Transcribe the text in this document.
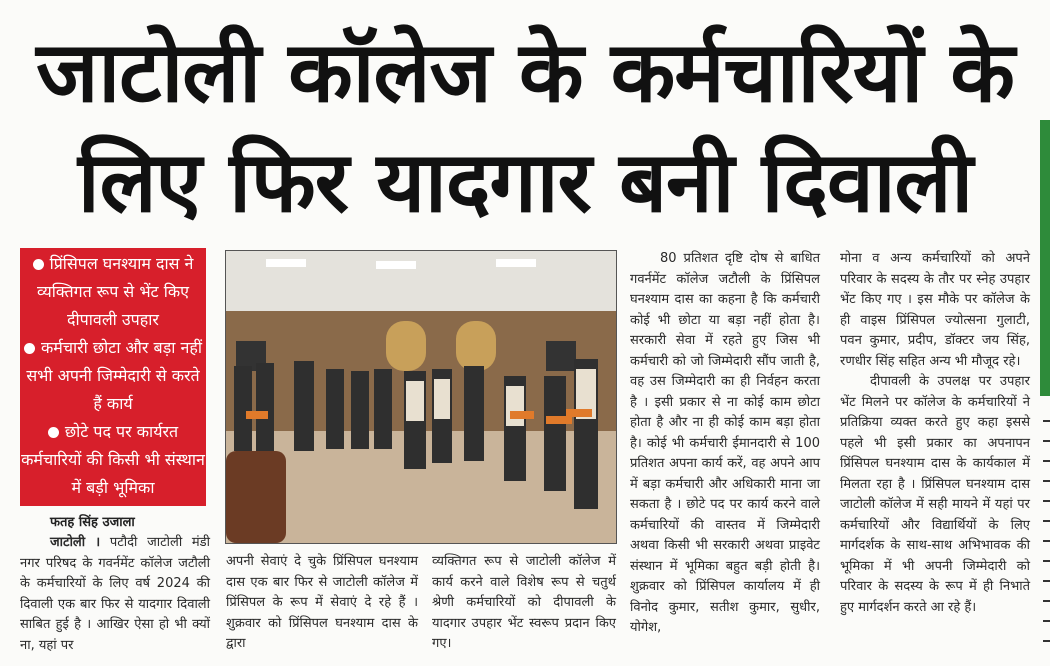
जाटोली कॉलेज के कर्मचारियों के
लिए फिर यादगार बनी दिवाली

प्रिंसिपल घनश्याम दास ने व्यक्तिगत रूप से भेंट किए दीपावली उपहार

कर्मचारी छोटा और बड़ा नहीं सभी अपनी जिम्मेदारी से करते हैं कार्य

छोटे पद पर कार्यरत कर्मचारियों की किसी भी संस्थान में बड़ी भूमिका

फतह सिंह उजाला

जाटोली । पटौदी जाटोली मंडी नगर परिषद के गवर्नमेंट कॉलेज जटौली के कर्मचारियों के लिए वर्ष 2024 की दिवाली एक बार फिर से यादगार दिवाली साबित हुई है । आखिर ऐसा हो भी क्यों ना, यहां पर

अपनी सेवाएं दे चुके प्रिंसिपल घनश्याम दास एक बार फिर से जाटोली कॉलेज में प्रिंसिपल के रूप में सेवाएं दे रहे हैं । शुक्रवार को प्रिंसिपल घनश्याम दास के द्वारा

व्यक्तिगत रूप से जाटोली कॉलेज में कार्य करने वाले विशेष रूप से चतुर्थ श्रेणी कर्मचारियों को दीपावली के यादगार उपहार भेंट स्वरूप प्रदान किए गए।

80 प्रतिशत दृष्टि दोष से बाधित गवर्नमेंट कॉलेज जटौली के प्रिंसिपल घनश्याम दास का कहना है कि कर्मचारी कोई भी छोटा या बड़ा नहीं होता है। सरकारी सेवा में रहते हुए जिस भी कर्मचारी को जो जिम्मेदारी सौंप जाती है, वह उस जिम्मेदारी का ही निर्वहन करता है । इसी प्रकार से ना कोई काम छोटा होता है और ना ही कोई काम बड़ा होता है। कोई भी कर्मचारी ईमानदारी से 100 प्रतिशत अपना कार्य करें, वह अपने आप में बड़ा कर्मचारी और अधिकारी माना जा सकता है । छोटे पद पर कार्य करने वाले कर्मचारियों की वास्तव में जिम्मेदारी अथवा किसी भी सरकारी अथवा प्राइवेट संस्थान में भूमिका बहुत बड़ी होती है। शुक्रवार को प्रिंसिपल कार्यालय में ही विनोद कुमार, सतीश कुमार, सुधीर, योगेश,

मोना व अन्य कर्मचारियों को अपने परिवार के सदस्य के तौर पर स्नेह उपहार भेंट किए गए । इस मौके पर कॉलेज के ही वाइस प्रिंसिपल ज्योत्सना गुलाटी, पवन कुमार, प्रदीप, डॉक्टर जय सिंह, रणधीर सिंह सहित अन्य भी मौजूद रहे।

दीपावली के उपलक्ष पर उपहार भेंट मिलने पर कॉलेज के कर्मचारियों ने प्रतिक्रिया व्यक्त करते हुए कहा इससे पहले भी इसी प्रकार का अपनापन प्रिंसिपल घनश्याम दास के कार्यकाल में मिलता रहा है । प्रिंसिपल घनश्याम दास जाटोली कॉलेज में सही मायने में यहां पर कर्मचारियों और विद्यार्थियों के लिए मार्गदर्शक के साथ-साथ अभिभावक की भूमिका में भी अपनी जिम्मेदारी को परिवार के सदस्य के रूप में ही निभाते हुए मार्गदर्शन करते आ रहे हैं।
